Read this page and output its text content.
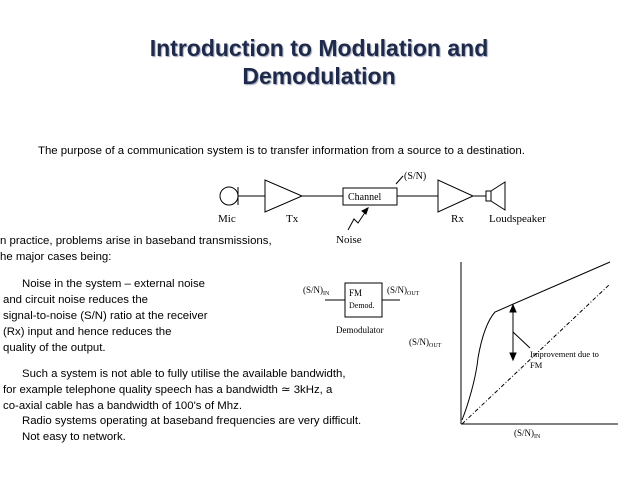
Introduction to Modulation and
Demodulation
The purpose of a communication system is to transfer information from a source to a destination.
n practice, problems arise in baseband transmissions,
he major cases being:
Noise in the system – external noise
and circuit noise reduces the
signal-to-noise (S/N) ratio at the receiver
(Rx) input and hence reduces the
quality of the output.
Such a system is not able to fully utilise the available bandwidth,
for example telephone quality speech has a bandwidth ≃ 3kHz, a
co-axial cable has a bandwidth of 100's of Mhz.
Radio systems operating at baseband frequencies are very difficult.
Not easy to network.
Mic	Tx
Channel
(S/N)
Rx Loudspeaker
Noise
$(S/N)_{IN}$ FM
Demod.
$(S/N)_{OUT}$
Demodulator
$(S/N)_{OUT}$
$(S/N)_{IN}$
Improvement due to
FM
